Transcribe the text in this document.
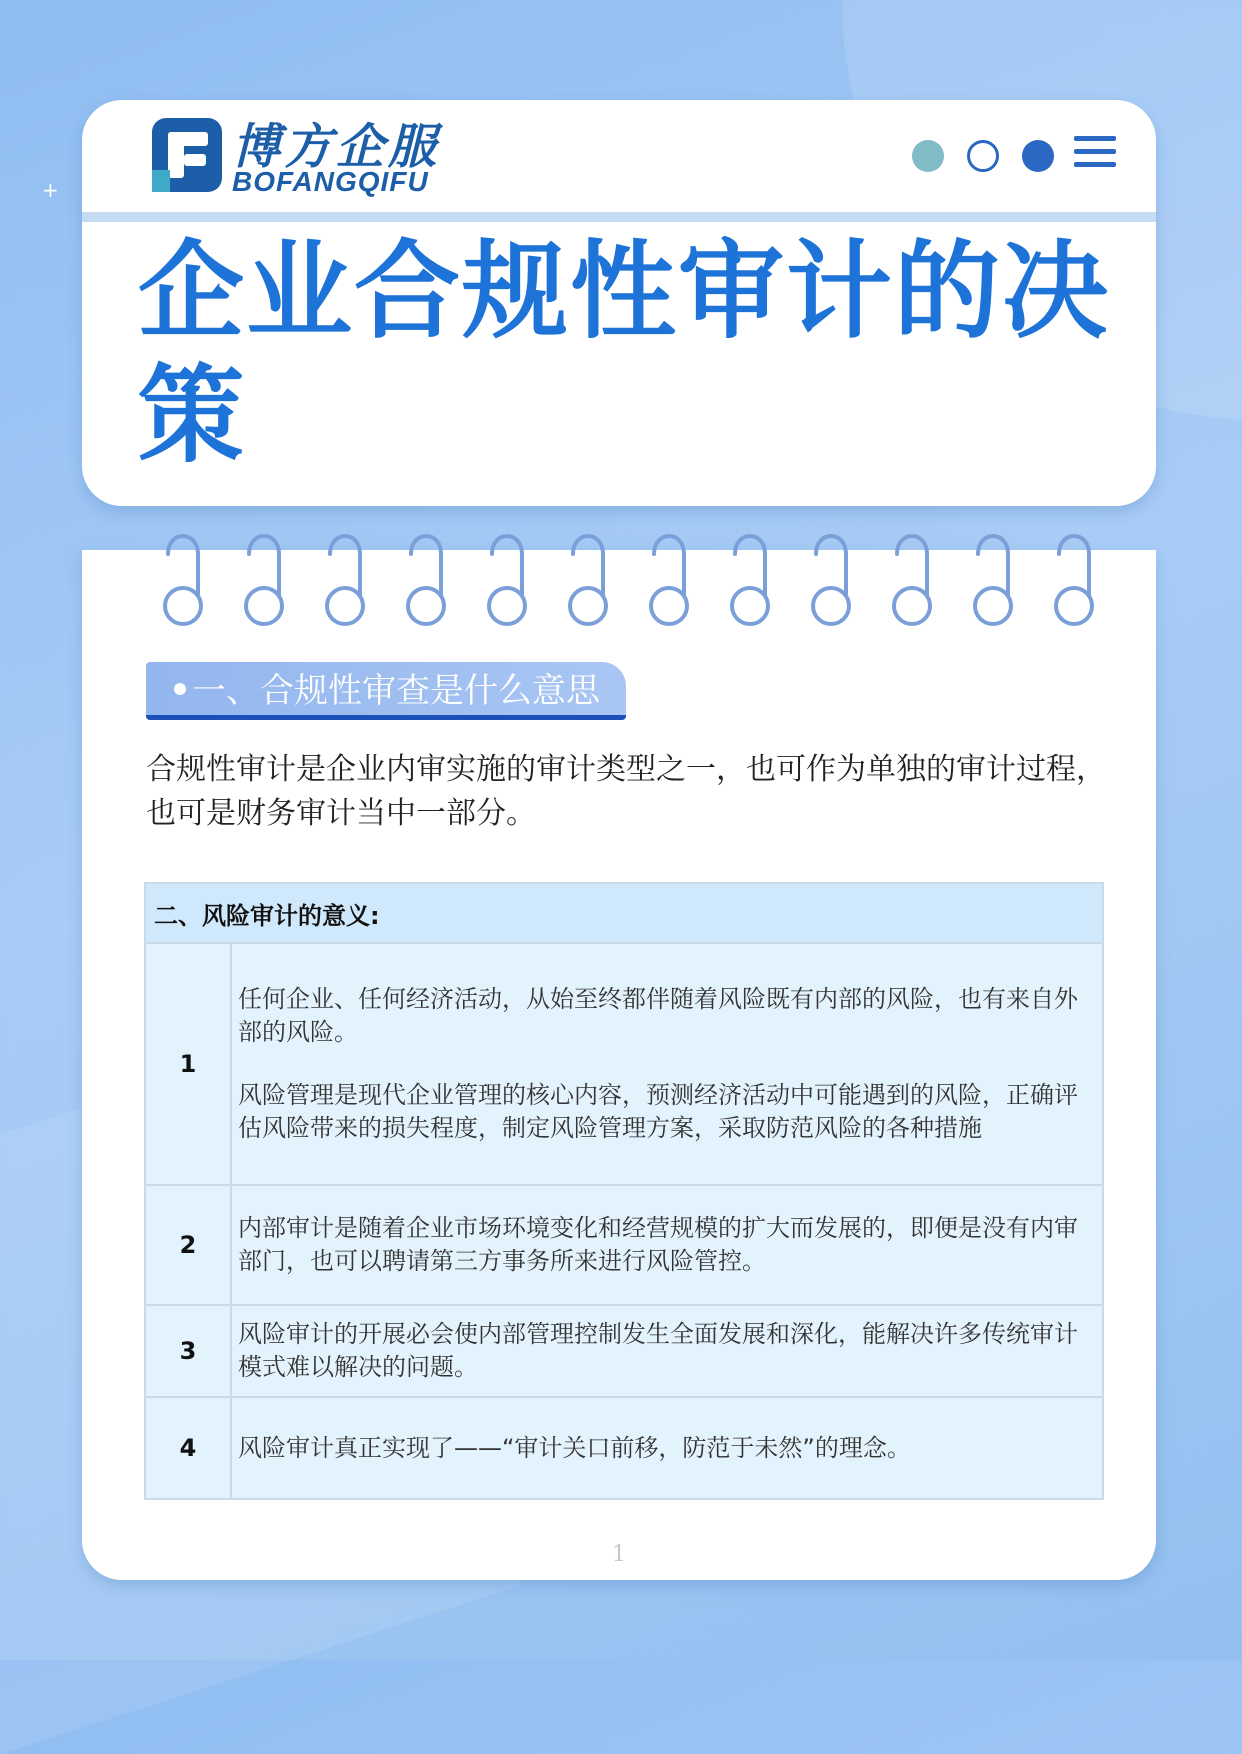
+
博方企服
BOFANGQIFU
企业合规性审计的决策
一、合规性审查是什么意思

合规性审计是企业内审实施的审计类型之一，也可作为单独的审计过程，也可是财务审计当中一部分。

二、风险审计的意义:	
1	任何企业、任何经济活动，从始至终都伴随着风险既有内部的风险，也有来自外部的风险。

风险管理是现代企业管理的核心内容，预测经济活动中可能遇到的风险，正确评估风险带来的损失程度，制定风险管理方案，采取防范风险的各种措施

2	内部审计是随着企业市场环境变化和经营规模的扩大而发展的，即便是没有内审部门，也可以聘请第三方事务所来进行风险管控。

3	风险审计的开展必会使内部管理控制发生全面发展和深化，能解决许多传统审计模式难以解决的问题。

4	风险审计真正实现了——“审计关口前移，防范于未然”的理念。

1
